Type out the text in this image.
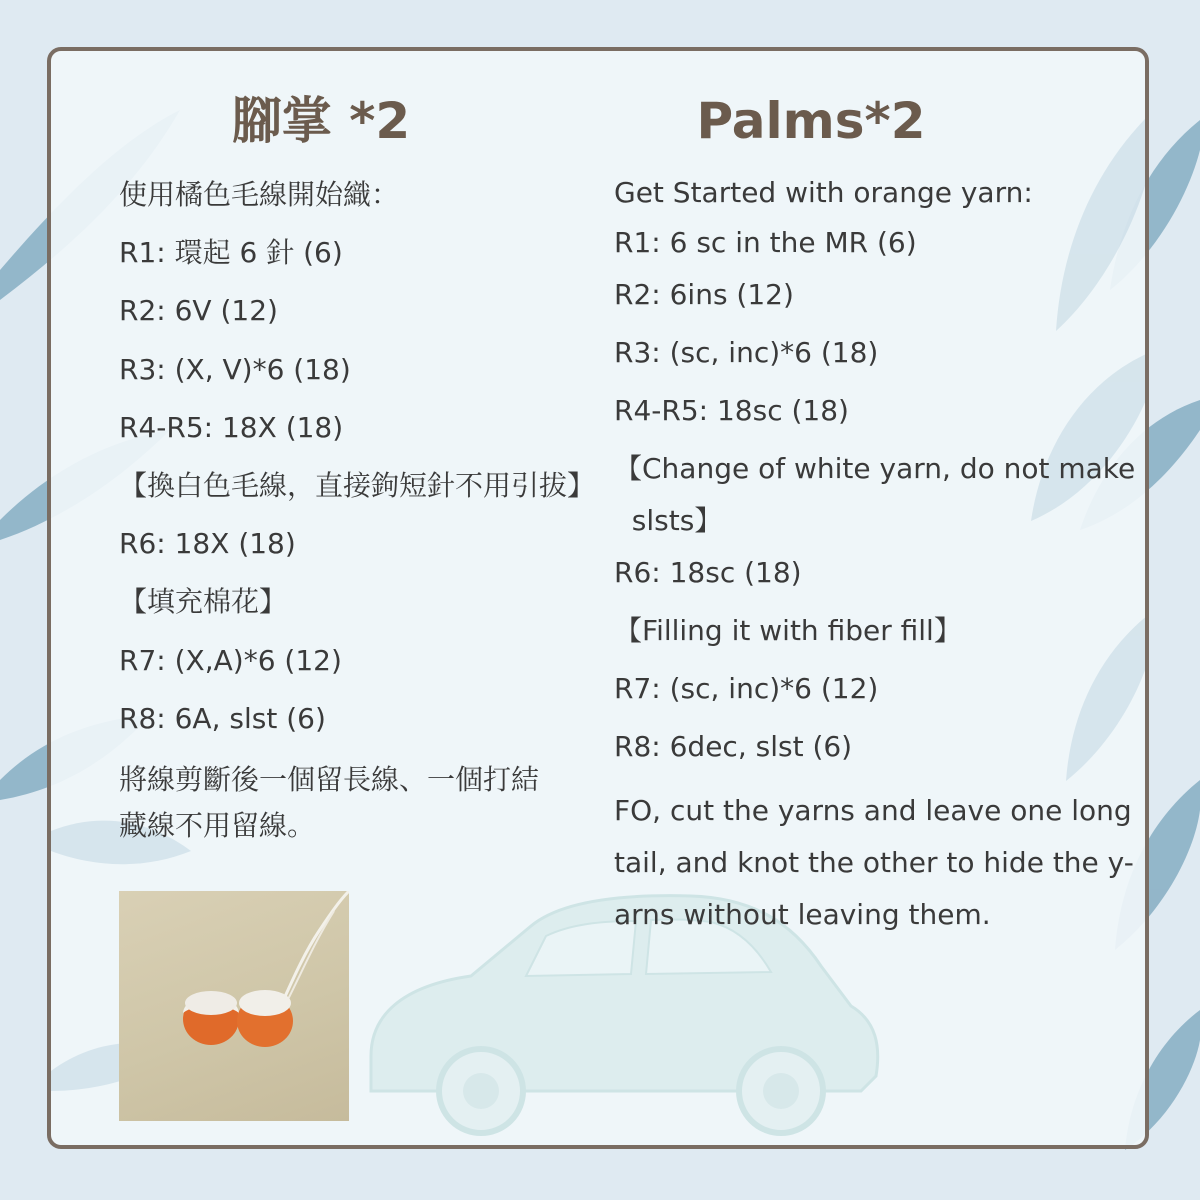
腳掌 *2	Palms*2
使用橘色毛線開始織：
R1: 環起 6 針 (6)
R2: 6V (12)
R3: (X, V)*6 (18)
R4-R5: 18X (18)
【換白色毛線，直接鉤短針不用引拔】
R6: 18X (18)
【填充棉花】
R7: (X,A)*6 (12)
R8: 6A, slst (6)

將線剪斷後一個留長線、一個打結

藏線不用留線。

Get Started with orange yarn:
R1: 6 sc in the MR (6)
R2: 6ins (12)
R3: (sc, inc)*6 (18)
R4-R5: 18sc (18)
【Change of white yarn, do not make
slsts】
R6: 18sc (18)
【Filling it with fiber fill】
R7: (sc, inc)*6 (12)
R8: 6dec, slst (6)

FO, cut the yarns and leave one long

tail, and knot the other to hide the y-

arns without leaving them.
